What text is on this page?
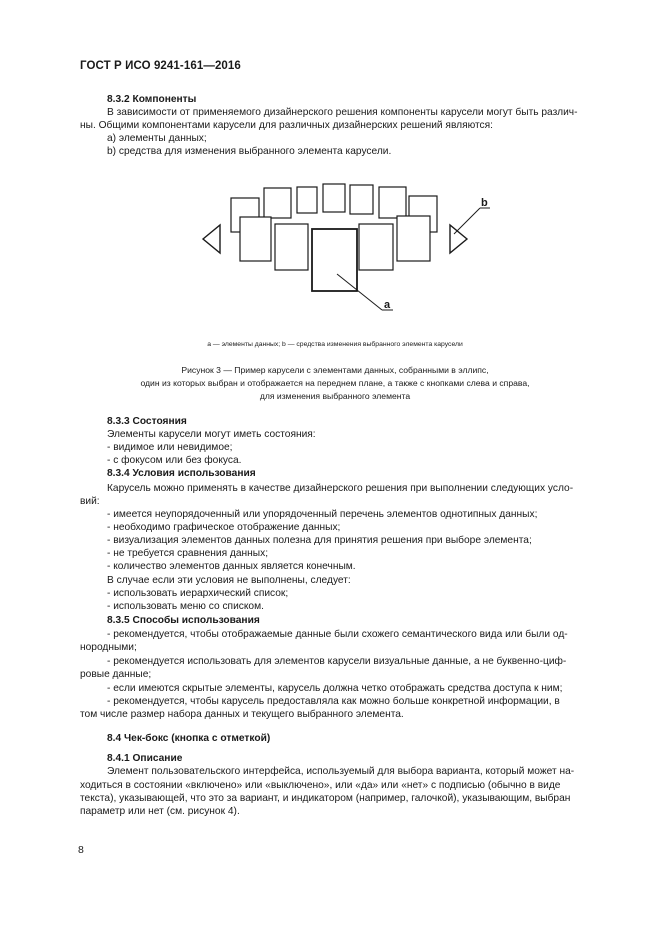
ГОСТ Р ИСО 9241-161—2016
8.3.2 Компоненты
В зависимости от применяемого дизайнерского решения компоненты карусели могут быть различ-
ны. Общими компонентами карусели для различных дизайнерских решений являются:
a) элементы данных;
b) средства для изменения выбранного элемента карусели.
b
a
а — элементы данных; b — средства изменения выбранного элемента карусели
Рисунок 3 — Пример карусели с элементами данных, собранными в эллипс,
один из которых выбран и отображается на переднем плане, а также с кнопками слева и справа,
для изменения выбранного элемента
8.3.3 Состояния
Элементы карусели могут иметь состояния:
- видимое или невидимое;
- с фокусом или без фокуса.
8.3.4 Условия использования
Карусель можно применять в качестве дизайнерского решения при выполнении следующих усло-
вий:
- имеется неупорядоченный или упорядоченный перечень элементов однотипных данных;
- необходимо графическое отображение данных;
- визуализация элементов данных полезна для принятия решения при выборе элемента;
- не требуется сравнения данных;
- количество элементов данных является конечным.
В случае если эти условия не выполнены, следует:
- использовать иерархический список;
- использовать меню со списком.
8.3.5 Способы использования
- рекомендуется, чтобы отображаемые данные были схожего семантического вида или были од-
нородными;
- рекомендуется использовать для элементов карусели визуальные данные, а не буквенно-циф-
ровые данные;
- если имеются скрытые элементы, карусель должна четко отображать средства доступа к ним;
- рекомендуется, чтобы карусель предоставляла как можно больше конкретной информации, в
том числе размер набора данных и текущего выбранного элемента.
8.4 Чек-бокс (кнопка с отметкой)
8.4.1 Описание
Элемент пользовательского интерфейса, используемый для выбора варианта, который может на-
ходиться в состоянии «включено» или «выключено», или «да» или «нет» с подписью (обычно в виде
текста), указывающей, что это за вариант, и индикатором (например, галочкой), указывающим, выбран
параметр или нет (см. рисунок 4).
8
